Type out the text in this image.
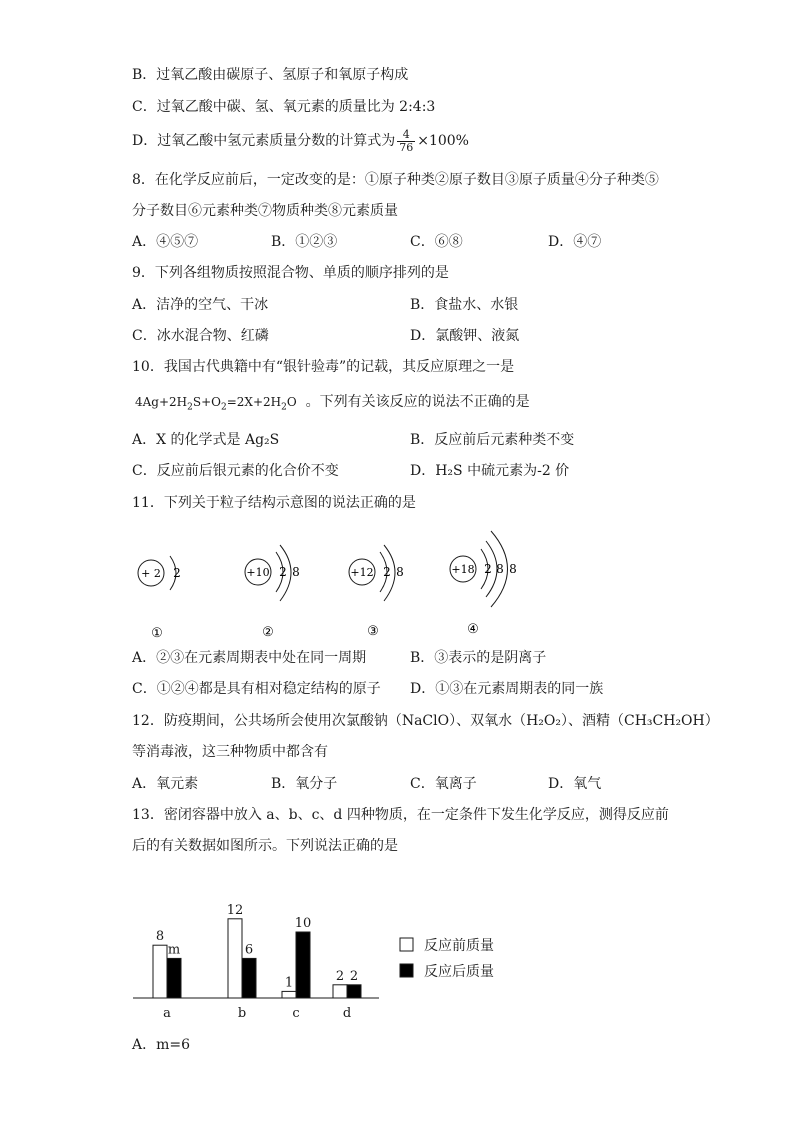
B．过氧乙酸由碳原子、氢原子和氧原子构成
C．过氧乙酸中碳、氢、氧元素的质量比为 2:4:3
D．过氧乙酸中氢元素质量分数的计算式为 $\frac{4}{76} \times 100\%$
8．在化学反应前后，一定改变的是：①原子种类②原子数目③原子质量④分子种类⑤
分子数目⑥元素种类⑦物质种类⑧元素质量
A．④⑤⑦	B．①②③	C．⑥⑧	D．④⑦
9．下列各组物质按照混合物、单质的顺序排列的是
A．洁净的空气、干冰	B．食盐水、水银
C．冰水混合物、红磷	D．氯酸钾、液氮
10．我国古代典籍中有“银针验毒”的记载，其反应原理之一是
$4Ag+2H_2S+O_2=2X+2H_2O$ 。下列有关该反应的说法不正确的是
A．X 的化学式是 Ag₂S	B．反应前后元素种类不变
C．反应前后银元素的化合价不变	D．H₂S 中硫元素为-2 价
11．下列关于粒子结构示意图的说法正确的是
+ 2 2
①
+10 2 8
②
+12 2 8
③
+18 2 8 8
④
A．②③在元素周期表中处在同一周期	B．③表示的是阴离子
C．①②④都是具有相对稳定结构的原子 D．①③在元素周期表的同一族
12．防疫期间，公共场所会使用次氯酸钠（NaClO）、双氧水（H₂O₂）、酒精（CH₃CH₂OH）
等消毒液，这三种物质中都含有
A．氧元素	B．氧分子	C．氧离子	D．氧气
13．密闭容器中放入 a、b、c、d 四种物质，在一定条件下发生化学反应，测得反应前
后的有关数据如图所示。下列说法正确的是
8
m
a
12
6
b
1
10
c
2 2
d
反应前质量
反应后质量
A．m=6
